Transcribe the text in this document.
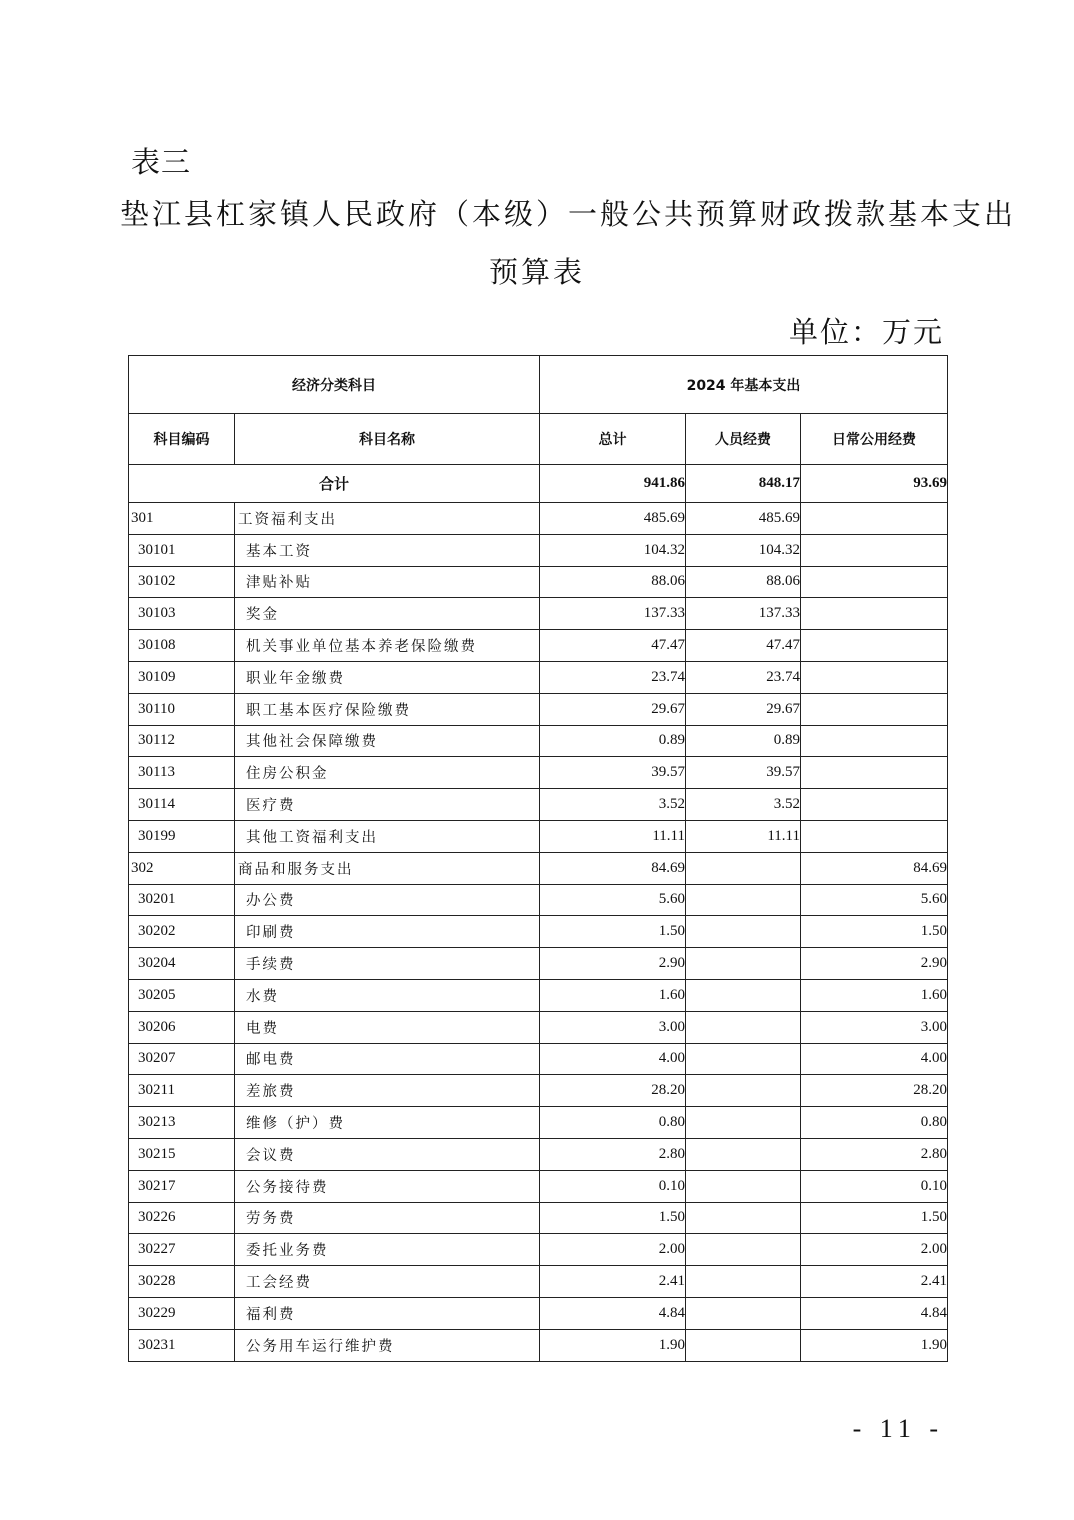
表三
垫江县杠家镇人民政府（本级）一般公共预算财政拨款基本支出
预算表
单位：万元
经济分类科目		2024 年基本支出		
科目编码	科目名称	总计	人员经费	日常公用经费
合计		941.86	848.17	93.69
301	工资福利支出	485.69	485.69	
30101	基本工资	104.32	104.32	
30102	津贴补贴	88.06	88.06	
30103	奖金	137.33	137.33	
30108	机关事业单位基本养老保险缴费	47.47	47.47	
30109	职业年金缴费	23.74	23.74	
30110	职工基本医疗保险缴费	29.67	29.67	
30112	其他社会保障缴费	0.89	0.89	
30113	住房公积金	39.57	39.57	
30114	医疗费	3.52	3.52	
30199	其他工资福利支出	11.11	11.11	
302	商品和服务支出	84.69		84.69
30201	办公费	5.60		5.60
30202	印刷费	1.50		1.50
30204	手续费	2.90		2.90
30205	水费	1.60		1.60
30206	电费	3.00		3.00
30207	邮电费	4.00		4.00
30211	差旅费	28.20		28.20
30213	维修（护）费	0.80		0.80
30215	会议费	2.80		2.80
30217	公务接待费	0.10		0.10
30226	劳务费	1.50		1.50
30227	委托业务费	2.00		2.00
30228	工会经费	2.41		2.41
30229	福利费	4.84		4.84
30231	公务用车运行维护费	1.90		1.90
- 11 -
